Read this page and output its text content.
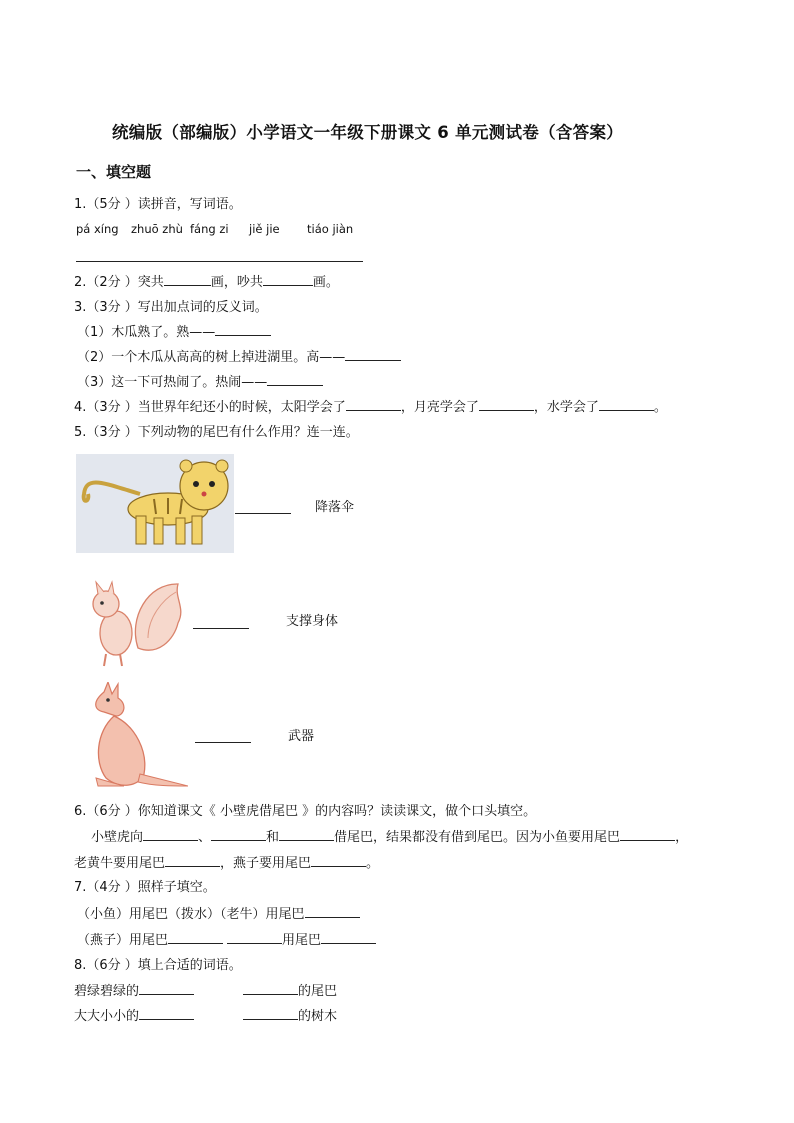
统编版（部编版）小学语文一年级下册课文 6 单元测试卷（含答案）
一、填空题
1.（5分 ）读拼音，写词语。
pá xíng zhuō zhù fáng zi jiě jie tiáo jiàn
2.（2分 ）突共	画，吵共	画。
3.（3分 ）写出加点词的反义词。
（1）木瓜熟了。熟——
（2）一个木瓜从高高的树上掉进湖里。高——
（3）这一下可热闹了。热闹——
4.（3分 ）当世界年纪还小的时候，太阳学会了	，月亮学会了	，水学会了	。
5.（3分 ）下列动物的尾巴有什么作用？连一连。
降落伞
支撑身体
武器
6.（6分 ）你知道课文《 小壁虎借尾巴 》的内容吗？读读课文，做个口头填空。
小壁虎向	、	和	借尾巴，结果都没有借到尾巴。因为小鱼要用尾巴	，
老黄牛要用尾巴	，燕子要用尾巴	。
7.（4分 ）照样子填空。
（小鱼）用尾巴（拨水）（老牛）用尾巴
（燕子）用尾巴	用尾巴
8.（6分 ）填上合适的词语。
碧绿碧绿的	的尾巴
大大小小的	的树木
